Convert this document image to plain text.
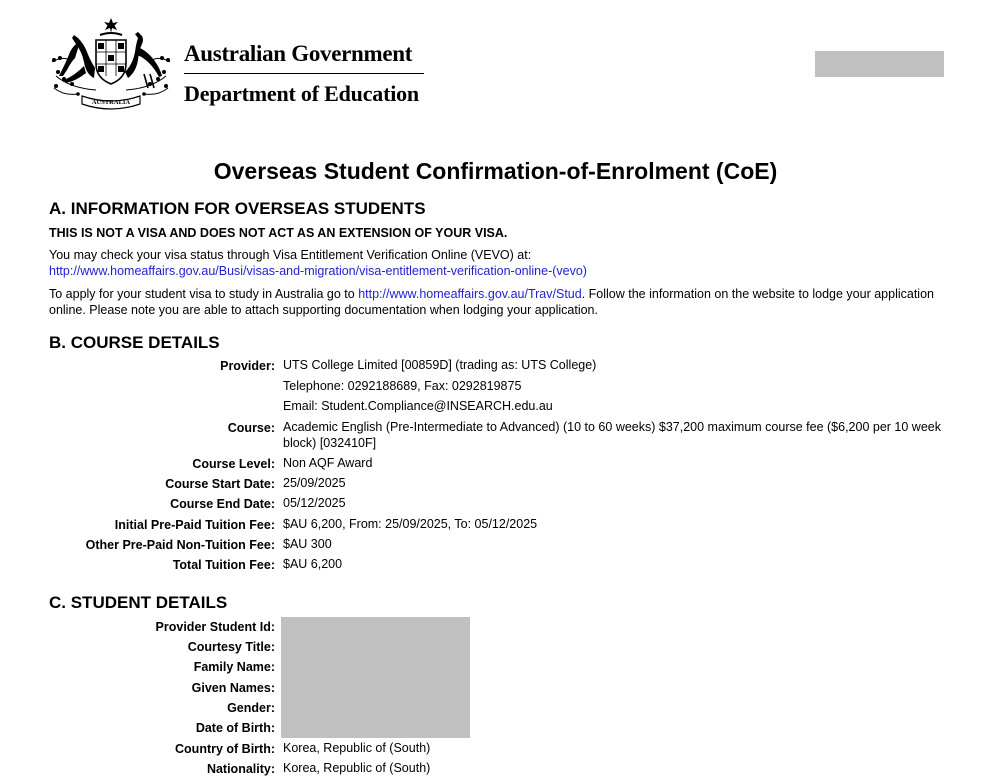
AUSTRALIA
Australian Government
Department of Education
Overseas Student Confirmation-of-Enrolment (CoE)
A. INFORMATION FOR OVERSEAS STUDENTS
THIS IS NOT A VISA AND DOES NOT ACT AS AN EXTENSION OF YOUR VISA.
You may check your visa status through Visa Entitlement Verification Online (VEVO) at:
http://www.homeaffairs.gov.au/Busi/visas-and-migration/visa-entitlement-verification-online-(vevo)
To apply for your student visa to study in Australia go to http://www.homeaffairs.gov.au/Trav/Stud. Follow the information on the website to lodge your application online. Please note you are able to attach supporting documentation when lodging your application.
B. COURSE DETAILS
Provider: UTS College Limited [00859D] (trading as: UTS College)
Telephone: 0292188689, Fax: 0292819875
Email: Student.Compliance@INSEARCH.edu.au
Course: Academic English (Pre-Intermediate to Advanced) (10 to 60 weeks) $37,200 maximum course fee ($6,200 per 10 week block) [032410F]
Course Level: Non AQF Award
Course Start Date: 25/09/2025
Course End Date: 05/12/2025
Initial Pre-Paid Tuition Fee: $AU 6,200, From: 25/09/2025, To: 05/12/2025
Other Pre-Paid Non-Tuition Fee: $AU 300
Total Tuition Fee: $AU 6,200
C. STUDENT DETAILS
Provider Student Id:
Courtesy Title:
Family Name:
Given Names:
Gender:
Date of Birth:
Country of Birth: Korea, Republic of (South)
Nationality: Korea, Republic of (South)
